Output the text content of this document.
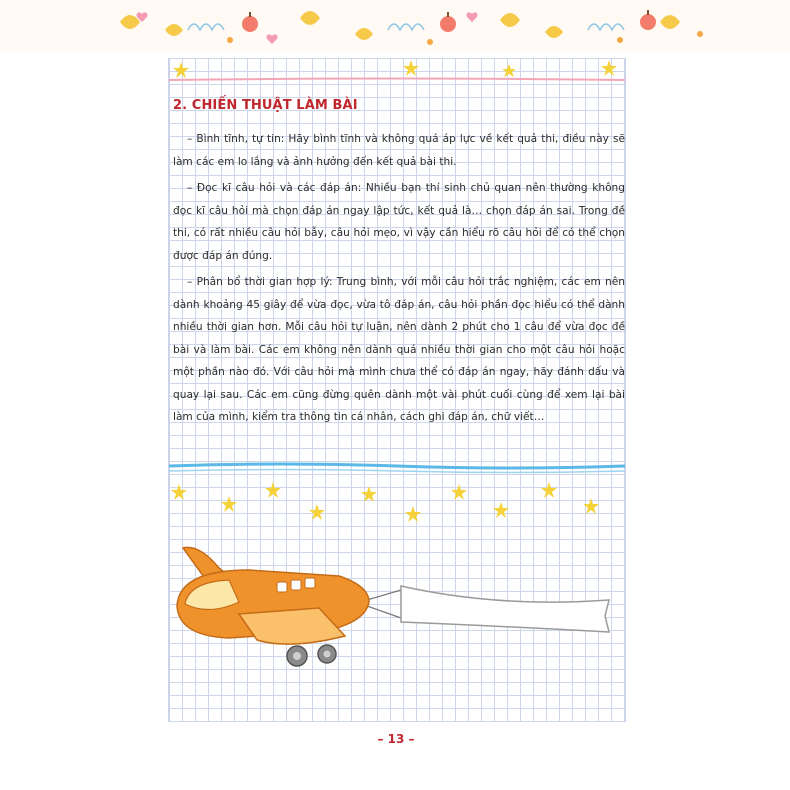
2. CHIẾN THUẬT LÀM BÀI

– Bình tĩnh, tự tin: Hãy bình tĩnh và không quá áp lực về kết quả thi, điều này sẽ làm các em lo lắng và ảnh hưởng đến kết quả bài thi.

– Đọc kĩ câu hỏi và các đáp án: Nhiều bạn thí sinh chủ quan nên thường không đọc kĩ câu hỏi mà chọn đáp án ngay lập tức, kết quả là… chọn đáp án sai. Trong đề thi, có rất nhiều câu hỏi bẫy, câu hỏi mẹo, vì vậy cần hiểu rõ câu hỏi để có thể chọn được đáp án đúng.

– Phân bổ thời gian hợp lý: Trung bình, với mỗi câu hỏi trắc nghiệm, các em nên dành khoảng 45 giây để vừa đọc, vừa tô đáp án, câu hỏi phần đọc hiểu có thể dành nhiều thời gian hơn. Mỗi câu hỏi tự luận, nên dành 2 phút cho 1 câu để vừa đọc đề bài và làm bài. Các em không nên dành quá nhiều thời gian cho một câu hỏi hoặc một phần nào đó. Với câu hỏi mà mình chưa thể có đáp án ngay, hãy đánh dấu và quay lại sau. Các em cũng đừng quên dành một vài phút cuối cùng để xem lại bài làm của mình, kiểm tra thông tin cá nhân, cách ghi đáp án, chữ viết…

– 13 –
